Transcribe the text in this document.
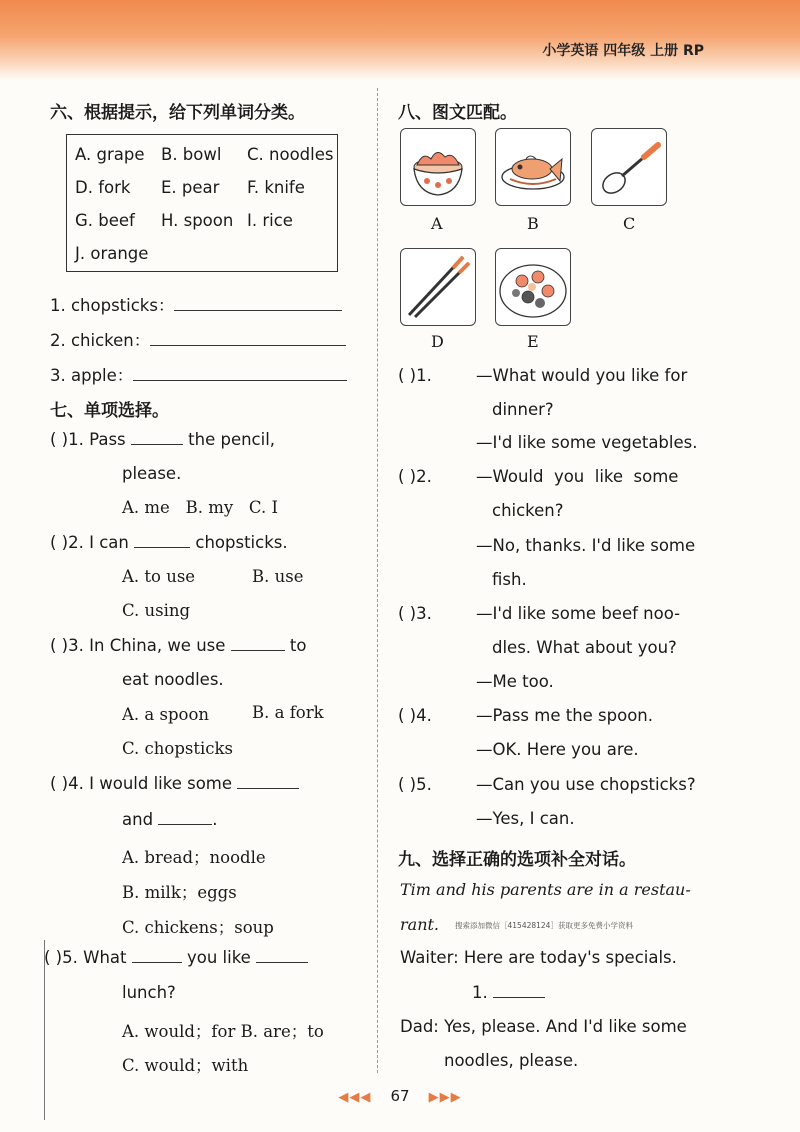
小学英语 四年级 上册 RP
六、根据提示，给下列单词分类。
A. grape B. bowl C. noodles
D. fork E. pear F. knife
G. beef H. spoon I. rice
J. orange
1. chopsticks：
2. chicken：
3. apple：
七、单项选择。
( )1. Pass	the pencil,
please.
A. me B. my C. I
( )2. I can	chopsticks.
A. to use	B. use
C. using
( )3. In China, we use	to
eat noodles.
A. a spoon	B. a fork
C. chopsticks
( )4. I would like some
and	.
A. bread；noodle
B. milk；eggs
C. chickens；soup
( )5. What	you like
lunch?
A. would；for B. are；to
C. would；with
八、图文匹配。
A	B	C
D	E
( )1.	—What would you like for
dinner?
—I'd like some vegetables.
( )2.	—Would  you  like  some
chicken?
—No, thanks. I'd like some
fish.
( )3.	—I'd like some beef noo-
dles. What about you?
—Me too.
( )4.	—Pass me the spoon.
—OK. Here you are.
( )5.	—Can you use chopsticks?
—Yes, I can.
九、选择正确的选项补全对话。
Tim and his parents are in a restau-
rant. 搜索添加微信［415428124］获取更多免费小学资料
Waiter: Here are today's specials.
1.
Dad: Yes, please. And I'd like some
noodles, please.
◀◀◀ 67 ▶▶▶
